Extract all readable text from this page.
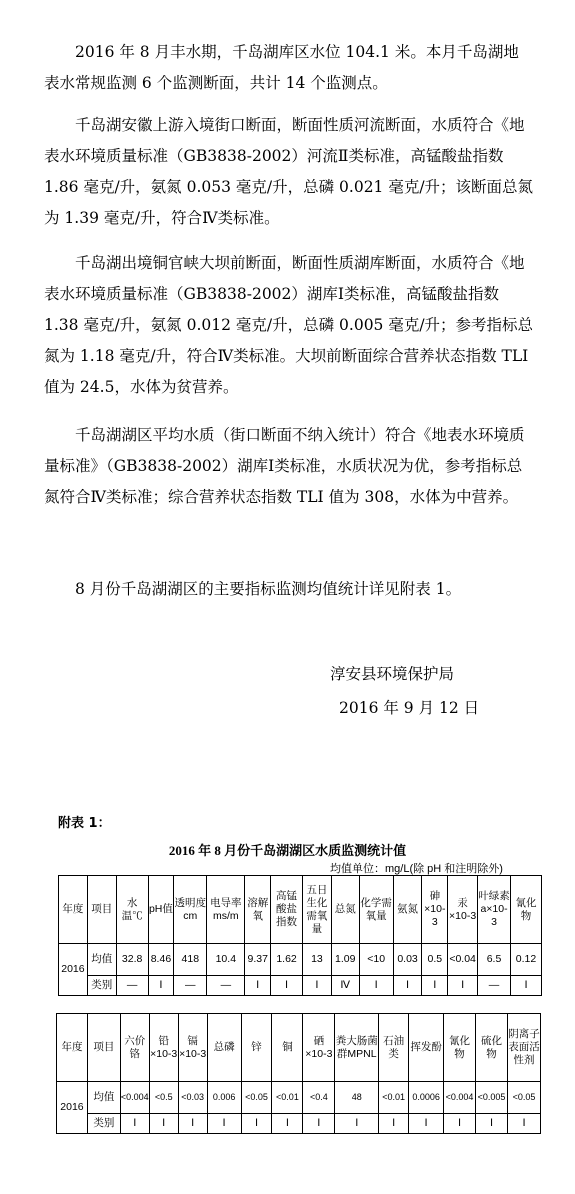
2016 年 8 月丰水期，千岛湖库区水位 104.1 米。本月千岛湖地表水常规监测 6 个监测断面，共计 14 个监测点。
千岛湖安徽上游入境街口断面，断面性质河流断面，水质符合《地表水环境质量标准（GB3838-2002）河流Ⅱ类标准，高锰酸盐指数 1.86 毫克/升，氨氮 0.053 毫克/升，总磷 0.021 毫克/升；该断面总氮为 1.39 毫克/升，符合Ⅳ类标准。
千岛湖出境铜官峡大坝前断面，断面性质湖库断面，水质符合《地表水环境质量标准（GB3838-2002）湖库Ⅰ类标准，高锰酸盐指数 1.38 毫克/升，氨氮 0.012 毫克/升，总磷 0.005 毫克/升；参考指标总氮为 1.18 毫克/升，符合Ⅳ类标准。大坝前断面综合营养状态指数 TLI 值为 24.5，水体为贫营养。
千岛湖湖区平均水质（街口断面不纳入统计）符合《地表水环境质量标准》（GB3838-2002）湖库Ⅰ类标准，水质状况为优，参考指标总氮符合Ⅳ类标准；综合营养状态指数 TLI 值为 308，水体为中营养。
8 月份千岛湖湖区的主要指标监测均值统计详见附表 1。
淳安县环境保护局
2016 年 9 月 12 日
附表 1：
2016 年 8 月份千岛湖湖区水质监测统计值
均值单位：mg/L(除 pH 和注明除外)
年度	项目	水温℃	pH值	透明度cm	电导率ms/m	溶解氧	高锰酸盐指数	五日生化需氧量	总氮	化学需氧量	氨氮	砷×10-3	汞×10-3	叶绿素a×10-3	氰化物
2016	均值	32.8	8.46	418	10.4	9.37	1.62	13	1.09	<10	0.03	0.5	<0.04	6.5	0.12
	类别	—	Ⅰ	—	—	Ⅰ	Ⅰ	Ⅰ	Ⅳ	Ⅰ	Ⅰ	Ⅰ	Ⅰ	—	Ⅰ
年度	项目	六价铬	铅×10-3	镉×10-3	总磷	锌	铜	硒×10-3	粪大肠菌群MPNL	石油类	挥发酚	氰化物	硫化物	阴离子表面活性剂
2016	均值	<0.004	<0.5	<0.03	0.006	<0.05	<0.01	<0.4	48	<0.01	0.0006	<0.004	<0.005	<0.05
	类别	Ⅰ	Ⅰ	Ⅰ	Ⅰ	Ⅰ	Ⅰ	Ⅰ	Ⅰ	Ⅰ	Ⅰ	Ⅰ	Ⅰ	Ⅰ
